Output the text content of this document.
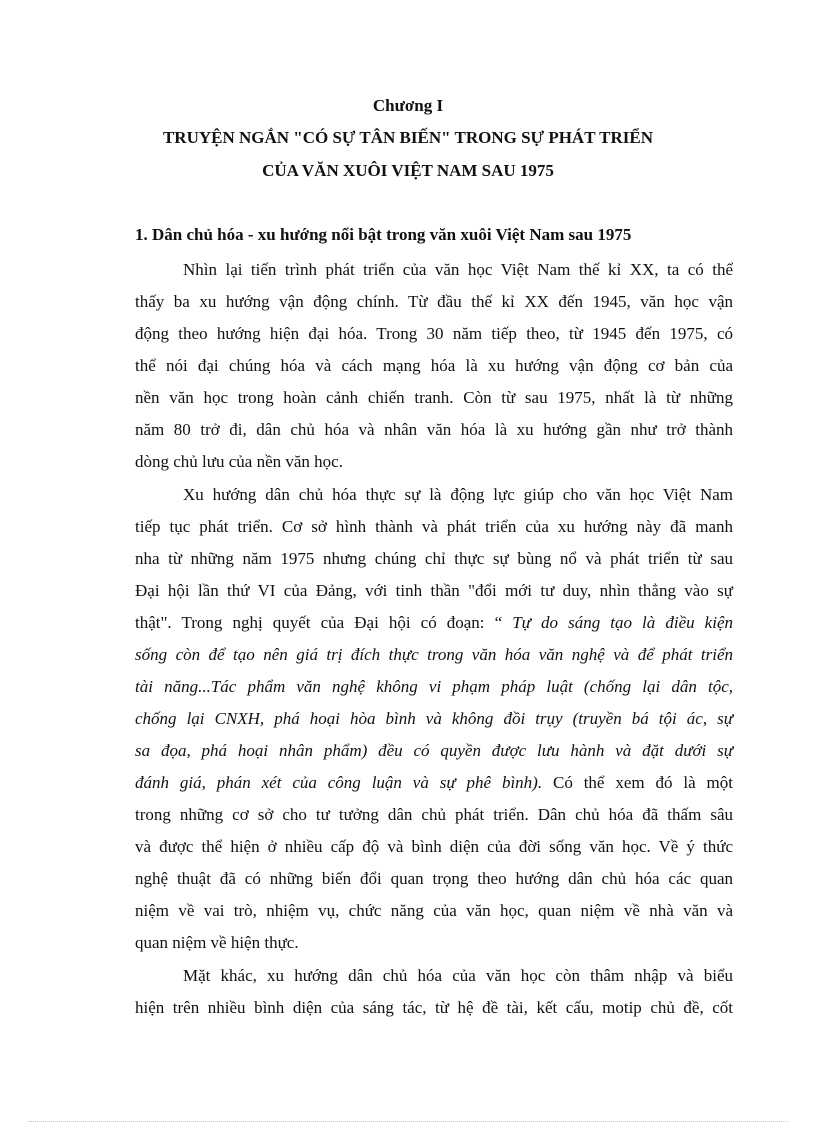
Chương I
TRUYỆN NGẮN "CÓ SỰ TÂN BIẾN" TRONG SỰ PHÁT TRIỂN
CỦA VĂN XUÔI VIỆT NAM SAU 1975
1. Dân chủ hóa - xu hướng nổi bật trong văn xuôi Việt Nam sau 1975

Nhìn lại tiến trình phát triển của văn học Việt Nam thế kỉ XX, ta có thể

thấy ba xu hướng vận động chính. Từ đầu thế kỉ XX đến 1945, văn học vận

động theo hướng hiện đại hóa. Trong 30 năm tiếp theo, từ 1945 đến 1975, có

thể nói đại chúng hóa và cách mạng hóa là xu hướng vận động cơ bản của

nền văn học trong hoàn cảnh chiến tranh. Còn từ sau 1975, nhất là từ những

năm 80 trở đi, dân chủ hóa và nhân văn hóa là xu hướng gần như trở thành

dòng chủ lưu của nền văn học.

Xu hướng dân chủ hóa thực sự là động lực giúp cho văn học Việt Nam

tiếp tục phát triển. Cơ sở hình thành và phát triển của xu hướng này đã manh

nha từ những năm 1975 nhưng chúng chỉ thực sự bùng nổ và phát triển từ sau

Đại hội lần thứ VI của Đảng, với tinh thần "đổi mới tư duy, nhìn thẳng vào sự

thật". Trong nghị quyết của Đại hội có đoạn: “ Tự do sáng tạo là điều kiện

sống còn để tạo nên giá trị đích thực trong văn hóa văn nghệ và để phát triển

tài năng...Tác phẩm văn nghệ không vi phạm pháp luật (chống lại dân tộc,

chống lại CNXH, phá hoại hòa bình và không đồi trụy (truyền bá tội ác, sự

sa đọa, phá hoại nhân phẩm) đều có quyền được lưu hành và đặt dưới sự

đánh giá, phán xét của công luận và sự phê bình). Có thể xem đó là một

trong những cơ sở cho tư tưởng dân chủ phát triển. Dân chủ hóa đã thấm sâu

và được thể hiện ở nhiều cấp độ và bình diện của đời sống văn học. Về ý thức

nghệ thuật đã có những biến đổi quan trọng theo hướng dân chủ hóa các quan

niệm về vai trò, nhiệm vụ, chức năng của văn học, quan niệm về nhà văn và

quan niệm về hiện thực.

Mặt khác, xu hướng dân chủ hóa của văn học còn thâm nhập và biểu

hiện trên nhiều bình diện của sáng tác, từ hệ đề tài, kết cấu, motip chủ đề, cốt
